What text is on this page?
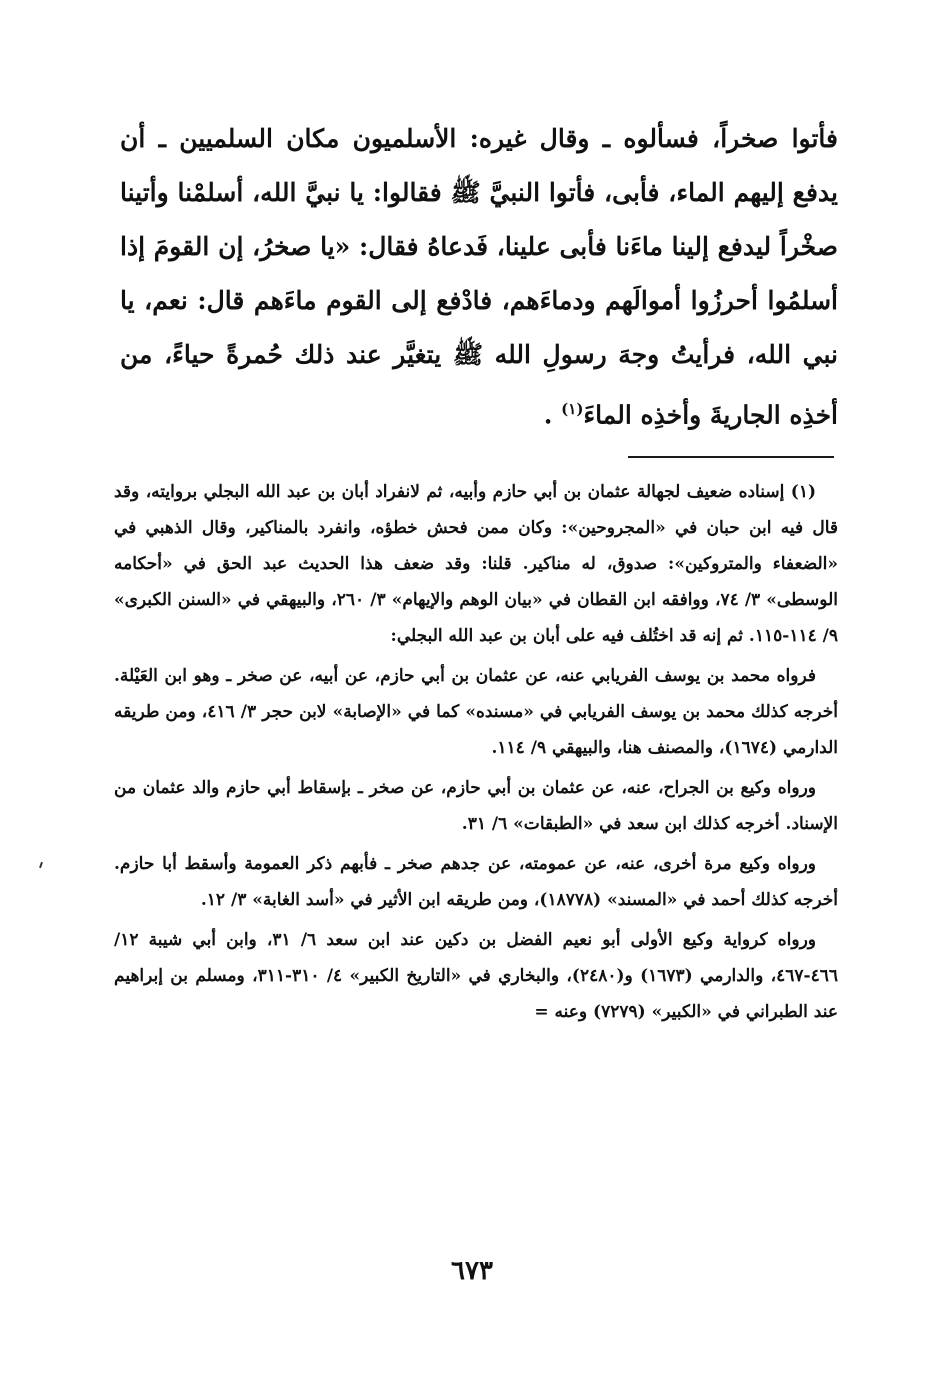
فأتوا صخراً، فسألوه ـ وقال غيره: الأسلميون مكان السلميين ـ أن يدفع إليهم الماء، فأبى، فأتوا النبيَّ ﷺ فقالوا: يا نبيَّ الله، أسلمْنا وأتينا صخْراً ليدفع إلينا ماءَنا فأبى علينا، فَدعاهُ فقال: «يا صخرُ، إن القومَ إذا أسلمُوا أحرزُوا أموالَهم ودماءَهم، فادْفع إلى القوم ماءَهم قال: نعم، يا نبي الله، فرأيتُ وجهَ رسولِ الله ﷺ يتغيَّر عند ذلك حُمرةً حياءً، من أخذِه الجاريةَ وأخذِه الماءَ$^{(١)}$ .

(١) إسناده ضعيف لجهالة عثمان بن أبي حازم وأبيه، ثم لانفراد أبان بن عبد الله البجلي بروايته، وقد قال فيه ابن حبان في «المجروحين»: وكان ممن فحش خطؤه، وانفرد بالمناكير، وقال الذهبي في «الضعفاء والمتروكين»: صدوق، له مناكير. قلنا: وقد ضعف هذا الحديث عبد الحق في «أحكامه الوسطى» ٣/ ٧٤، ووافقه ابن القطان في «بيان الوهم والإيهام» ٣/ ٢٦٠، والبيهقي في «السنن الكبرى» ٩/ ١١٤-١١٥. ثم إنه قد اختُلف فيه على أبان بن عبد الله البجلي:

فرواه محمد بن يوسف الفريابي عنه، عن عثمان بن أبي حازم، عن أبيه، عن صخر ـ وهو ابن العَيْلة. أخرجه كذلك محمد بن يوسف الفريابي في «مسنده» كما في «الإصابة» لابن حجر ٣/ ٤١٦، ومن طريقه الدارمي (١٦٧٤)، والمصنف هنا، والبيهقي ٩/ ١١٤.

ورواه وكيع بن الجراح، عنه، عن عثمان بن أبي حازم، عن صخر ـ بإسقاط أبي حازم والد عثمان من الإسناد. أخرجه كذلك ابن سعد في «الطبقات» ٦/ ٣١.

ورواه وكيع مرة أخرى، عنه، عن عمومته، عن جدهم صخر ـ فأبهم ذكر العمومة وأسقط أبا حازم. أخرجه كذلك أحمد في «المسند» (١٨٧٧٨)، ومن طريقه ابن الأثير في «أسد الغابة» ٣/ ١٢.

ورواه كرواية وكيع الأولى أبو نعيم الفضل بن دكين عند ابن سعد ٦/ ٣١، وابن أبي شيبة ١٢/ ٤٦٦-٤٦٧، والدارمي (١٦٧٣) و(٢٤٨٠)، والبخاري في «التاريخ الكبير» ٤/ ٣١٠-٣١١، ومسلم بن إبراهيم عند الطبراني في «الكبير» (٧٢٧٩) وعنه =

٦٧٣
